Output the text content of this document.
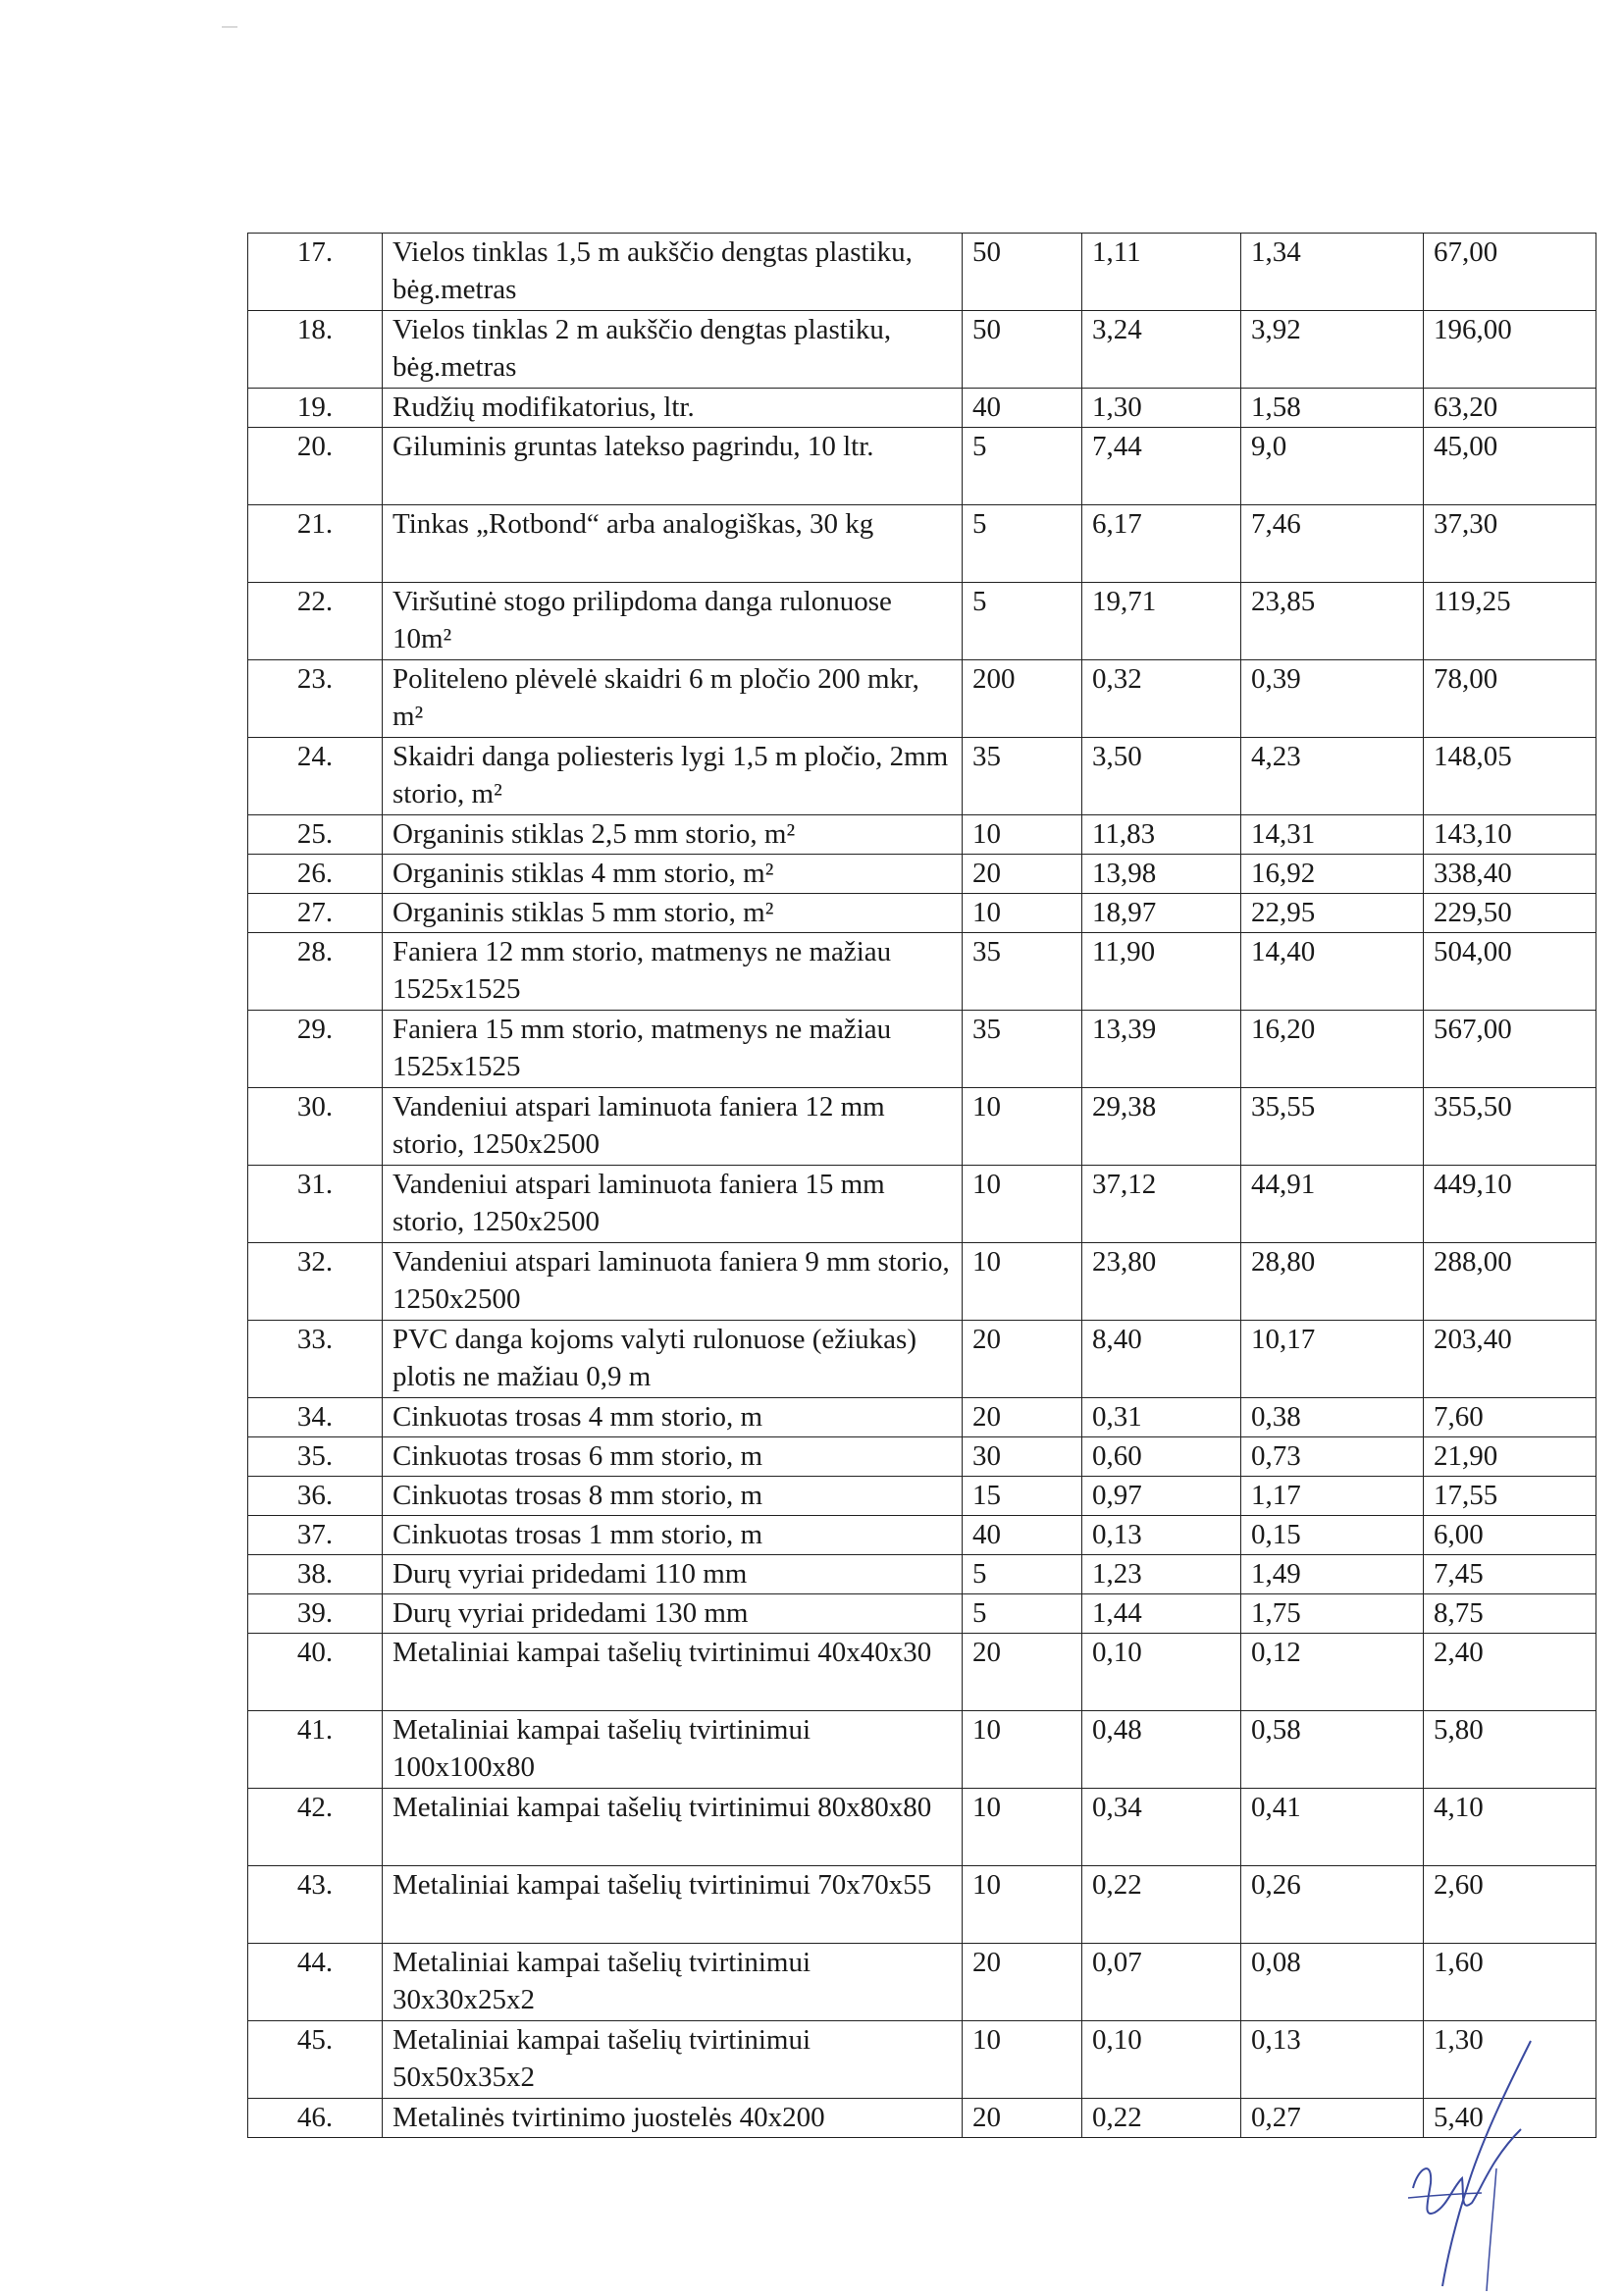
17.	Vielos tinklas 1,5 m aukščio dengtas plastiku, bėg.metras	50	1,11	1,34	67,00
18.	Vielos tinklas 2 m aukščio dengtas plastiku, bėg.metras	50	3,24	3,92	196,00
19.	Rudžių modifikatorius, ltr.	40	1,30	1,58	63,20
20.	Giluminis gruntas latekso pagrindu, 10 ltr.	5	7,44	9,0	45,00
21.	Tinkas „Rotbond“ arba analogiškas, 30 kg	5	6,17	7,46	37,30
22.	Viršutinė stogo prilipdoma danga rulonuose 10m²	5	19,71	23,85	119,25
23.	Politeleno plėvelė skaidri 6 m pločio 200 mkr, m²	200	0,32	0,39	78,00
24.	Skaidri danga poliesteris lygi 1,5 m pločio, 2mm storio, m²	35	3,50	4,23	148,05
25.	Organinis stiklas 2,5 mm storio, m²	10	11,83	14,31	143,10
26.	Organinis stiklas 4 mm storio, m²	20	13,98	16,92	338,40
27.	Organinis stiklas 5 mm storio, m²	10	18,97	22,95	229,50
28.	Faniera 12 mm storio, matmenys ne mažiau 1525x1525	35	11,90	14,40	504,00
29.	Faniera 15 mm storio, matmenys ne mažiau 1525x1525	35	13,39	16,20	567,00
30.	Vandeniui atspari laminuota faniera 12 mm storio, 1250x2500	10	29,38	35,55	355,50
31.	Vandeniui atspari laminuota faniera 15 mm storio, 1250x2500	10	37,12	44,91	449,10
32.	Vandeniui atspari laminuota faniera 9 mm storio, 1250x2500	10	23,80	28,80	288,00
33.	PVC danga kojoms valyti rulonuose (ežiukas) plotis ne mažiau 0,9 m	20	8,40	10,17	203,40
34.	Cinkuotas trosas 4 mm storio, m	20	0,31	0,38	7,60
35.	Cinkuotas trosas 6 mm storio, m	30	0,60	0,73	21,90
36.	Cinkuotas trosas 8 mm storio, m	15	0,97	1,17	17,55
37.	Cinkuotas trosas 1 mm storio, m	40	0,13	0,15	6,00
38.	Durų vyriai pridedami 110 mm	5	1,23	1,49	7,45
39.	Durų vyriai pridedami 130 mm	5	1,44	1,75	8,75
40.	Metaliniai kampai tašelių tvirtinimui 40x40x30	20	0,10	0,12	2,40
41.	Metaliniai kampai tašelių tvirtinimui 100x100x80	10	0,48	0,58	5,80
42.	Metaliniai kampai tašelių tvirtinimui 80x80x80	10	0,34	0,41	4,10
43.	Metaliniai kampai tašelių tvirtinimui 70x70x55	10	0,22	0,26	2,60
44.	Metaliniai kampai tašelių tvirtinimui 30x30x25x2	20	0,07	0,08	1,60
45.	Metaliniai kampai tašelių tvirtinimui 50x50x35x2	10	0,10	0,13	1,30
46.	Metalinės tvirtinimo juostelės 40x200	20	0,22	0,27	5,40
